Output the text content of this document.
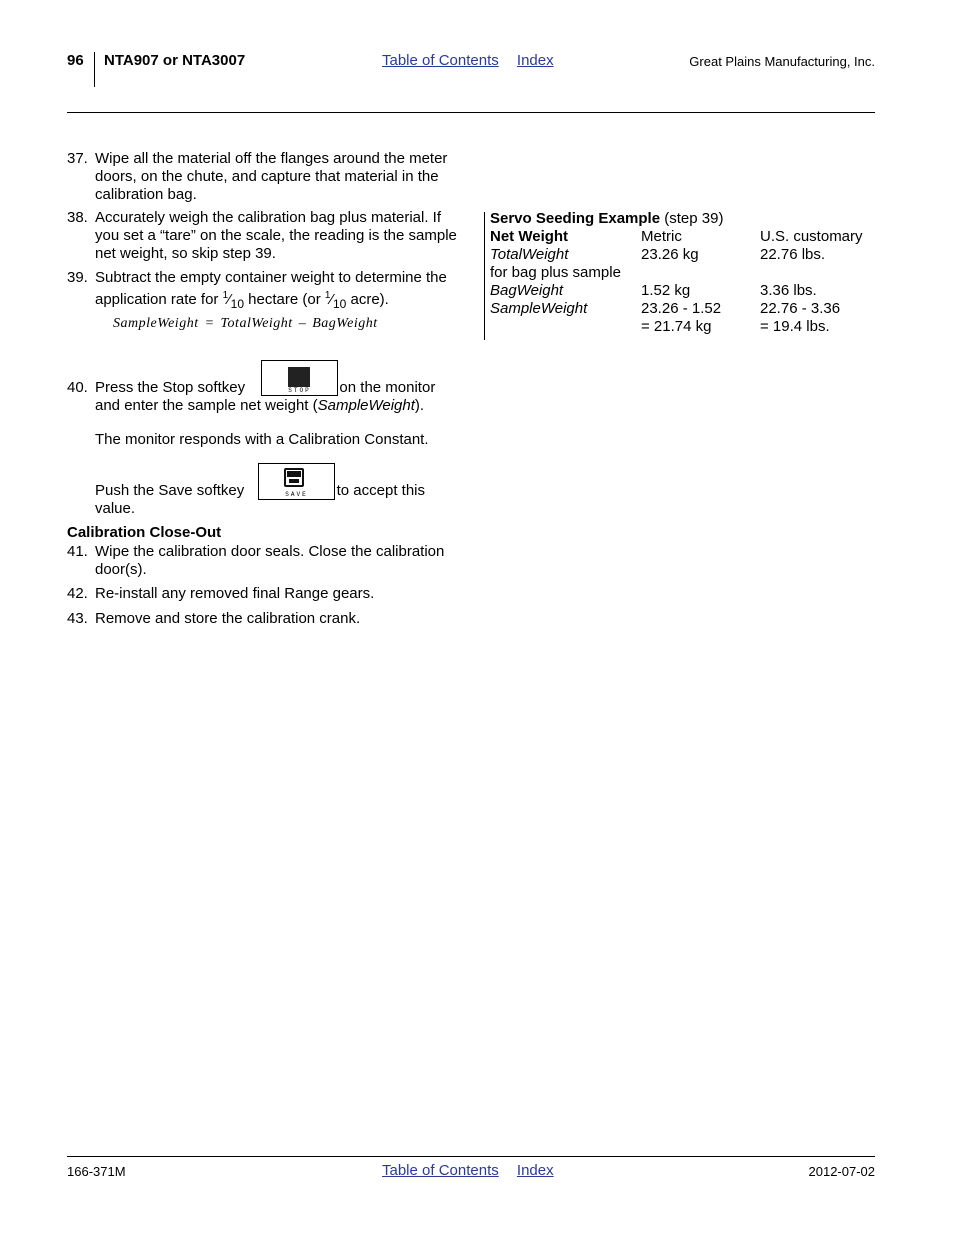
96 NTA907 or NTA3007	Table of Contents Index	Great Plains Manufacturing, Inc.
37. Wipe all the material off the flanges around the meter doors, on the chute, and capture that material in the calibration bag.
38. Accurately weigh the calibration bag plus material. If you set a “tare” on the scale, the reading is the sample net weight, so skip step 39.
39. Subtract the empty container weight to determine the application rate for $^1⁄_{10}$ hectare (or $^1⁄_{10}$ acre).
SampleWeight = TotalWeight – BagWeight
40. Press the Stop softkey	on the monitor
and enter the sample net weight (SampleWeight).
STOP
The monitor responds with a Calibration Constant.
Push the Save softkey	to accept this
value.
SAVE
Calibration Close-Out
41. Wipe the calibration door seals. Close the calibration door(s).
42. Re-install any removed final Range gears.
43. Remove and store the calibration crank.
Servo Seeding Example (step 39)
Net Weight	Metric	U.S. customary
TotalWeight	23.26 kg	22.76 lbs.
for bag plus sample
BagWeight	1.52 kg	3.36 lbs.
SampleWeight	23.26 - 1.52	22.76 - 3.36
= 21.74 kg	= 19.4 lbs.
166-371M	Table of Contents Index	2012-07-02
